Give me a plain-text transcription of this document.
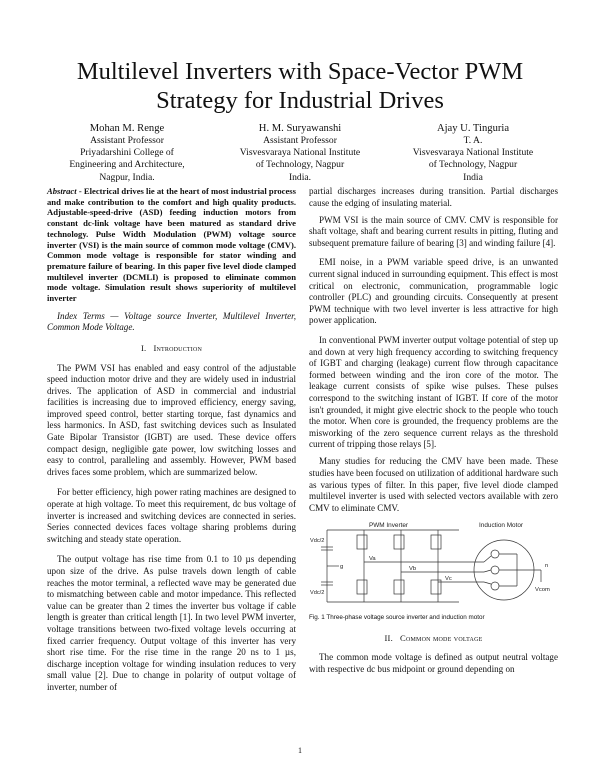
Multilevel Inverters with Space-Vector PWM Strategy for Industrial Drives
Mohan M. Renge
Assistant Professor
Priyadarshini College of
Engineering and Architecture,
Nagpur, India.
H. M. Suryawanshi
Assistant Professor
Visvesvaraya National Institute
of Technology, Nagpur
India.
Ajay U. Tinguria
T. A.
Visvesvaraya National Institute
of Technology, Nagpur
India

Abstract - Electrical drives lie at the heart of most industrial process and make contribution to the comfort and high quality products. Adjustable-speed-drive (ASD) feeding induction motors from constant dc-link voltage have been matured as standard drive technology. Pulse Width Modulation (PWM) voltage source inverter (VSI) is the main source of common mode voltage (CMV). Common mode voltage is responsible for stator winding and premature failure of bearing. In this paper five level diode clamped multilevel inverter (DCMLI) is proposed to eliminate common mode voltage. Simulation result shows superiority of multilevel inverter

Index Terms — Voltage source Inverter, Multilevel Inverter, Common Mode Voltage.

I. Introduction

The PWM VSI has enabled and easy control of the adjustable speed induction motor drive and they are widely used in industrial drives. The application of ASD in commercial and industrial facilities is increasing due to improved efficiency, energy saving, improved speed control, better starting torque, fast dynamics and less harmonics. In ASD, fast switching devices such as Insulated Gate Bipolar Transistor (IGBT) are used. These device offers compact design, negligible gate power, low switching losses and easy to control, paralleling and assembly. However, PWM based drives faces some problem, which are summarized below.

For better efficiency, high power rating machines are designed to operate at high voltage. To meet this requirement, dc bus voltage of inverter is increased and switching devices are connected in series. Series connected devices faces voltage sharing problems during switching and steady state operation.

The output voltage has rise time from 0.1 to 10 µs depending upon size of the drive. As pulse travels down length of cable reaches the motor terminal, a reflected wave may be generated due to mismatching between cable and motor impedance. This reflected value can be greater than 2 times the inverter bus voltage if cable length is greater than critical length [1]. In two level PWM inverter, voltage transitions between two-fixed voltage levels occurring at fixed carrier frequency. Output voltage of this inverter has very short rise time. For the rise time in the range 20 ns to 1 µs, discharge inception voltage for winding insulation reduces to very small value [2]. Due to change in polarity of output voltage of inverter, number of

partial discharges increases during transition. Partial discharges cause the edging of insulating material.

PWM VSI is the main source of CMV. CMV is responsible for shaft voltage, shaft and bearing current results in pitting, fluting and subsequent premature failure of bearing [3] and winding failure [4].

EMI noise, in a PWM variable speed drive, is an unwanted current signal induced in surrounding equipment. This effect is most critical on electronic, communication, programmable logic controller (PLC) and grounding circuits. Consequently at present PWM technique with two level inverter is less attractive for high power application.

In conventional PWM inverter output voltage potential of step up and down at very high frequency according to switching frequency of IGBT and charging (leakage) current flow through capacitance formed between winding and the iron core of the motor. The leakage current consists of spike wise pulses. These pulses correspond to the switching instant of IGBT. If core of the motor isn't grounded, it might give electric shock to the people who touch the motor. When core is grounded, the frequency problems are the misworking of the zero sequence current relays as the threshold current of tripping those relays [5].

Many studies for reducing the CMV have been made. These studies have been focused on utilization of additional hardware such as various types of filter. In this paper, five level diode clamped multilevel inverter is used with selected vectors available with zero CMV to eliminate CMV.

PWM Inverter	Induction Motor
Vdc/2
Vdc/2
g
Va
Vb
Vc
n
Vcom
Fig. 1 Three-phase voltage source inverter and induction motor
II. Common mode voltage

The common mode voltage is defined as output neutral voltage with respective dc bus midpoint or ground depending on

1
